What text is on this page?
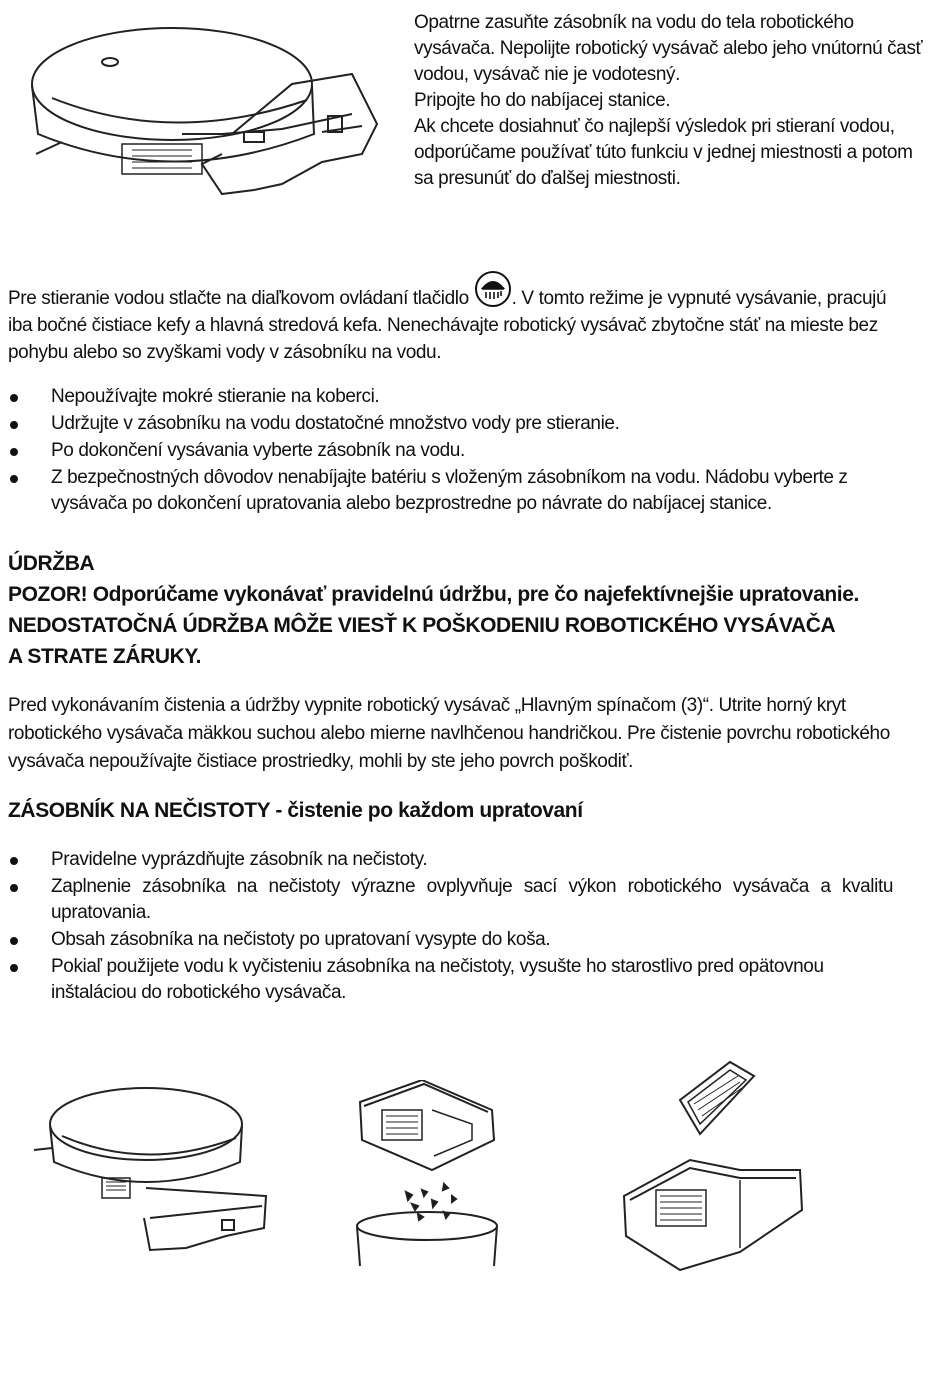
Opatrne zasuňte zásobník na vodu do tela robotického vysávača. Nepolijte robotický vysávač alebo jeho vnútornú časť vodou, vysávač nie je vodotesný.

Pripojte ho do nabíjacej stanice.

Ak chcete dosiahnuť čo najlepší výsledok pri stieraní vodou, odporúčame používať túto funkciu v jednej miestnosti a potom sa presunúť do ďalšej miestnosti.

Pre stieranie vodou stlačte na diaľkovom ovládaní tlačidlo
. V tomto režime je vypnuté vysávanie, pracujú iba bočné čistiace kefy a hlavná stredová kefa. Nenechávajte robotický vysávač zbytočne stáť na mieste bez pohybu alebo so zvyškami vody v zásobníku na vodu.

Nepoužívajte mokré stieranie na koberci.
Udržujte v zásobníku na vodu dostatočné množstvo vody pre stieranie.
Po dokončení vysávania vyberte zásobník na vodu.
Z bezpečnostných dôvodov nenabíjajte batériu s vloženým zásobníkom na vodu. Nádobu vyberte z vysávača po dokončení upratovania alebo bezprostredne po návrate do nabíjacej stanice.
ÚDRŽBA
POZOR! Odporúčame vykonávať pravidelnú údržbu, pre čo najefektívnejšie upratovanie.
NEDOSTATOČNÁ ÚDRŽBA MÔŽE VIESŤ K POŠKODENIU ROBOTICKÉHO VYSÁVAČA A STRATE ZÁRUKY.

Pred vykonávaním čistenia a údržby vypnite robotický vysávač „Hlavným spínačom (3)“. Utrite horný kryt robotického vysávača mäkkou suchou alebo mierne navlhčenou handričkou. Pre čistenie povrchu robotického vysávača nepoužívajte čistiace prostriedky, mohli by ste jeho povrch poškodiť.

ZÁSOBNÍK NA NEČISTOTY - čistenie po každom upratovaní
Pravidelne vyprázdňujte zásobník na nečistoty.
Zaplnenie zásobníka na nečistoty výrazne ovplyvňuje sací výkon robotického vysávača a kvalitu upratovania.
Obsah zásobníka na nečistoty po upratovaní vysypte do koša.
Pokiaľ použijete vodu k vyčisteniu zásobníka na nečistoty, vysušte ho starostlivo pred opätovnou inštaláciou do robotického vysávača.
